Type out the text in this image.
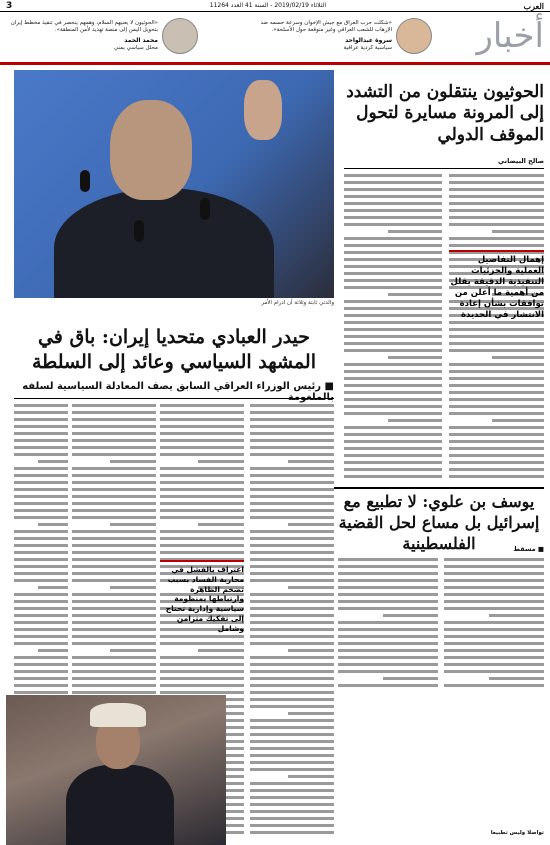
العرب
الثلاثاء 2019/02/19 - السنة 41 العدد 11264
3
أخبار
«الحوثيون لا يعنيهم السلام، وهمهم ينحصر في تنفيذ مخطط إيران بتحويل اليمن إلى منصة تهديد لأمن المنطقة».
محمد الحمد
محلل سياسي يمني
«شكلت حرب العراق مع جيش الإخوان وسرعة حسمه ضد الإرهاب للشعب العراقي وغير متوقعة حول الأسلحة».
سروة عبدالواحد
سياسية كردية عراقية
والدتي ثابتة وثلاثة أن ادرام الأمر
الحوثيون ينتقلون من التشدد إلى المرونة مسايرة لتحول الموقف الدولي
صالح البيضاني
إهمال التفاصيل العملية والجزئيات التنفيذية الدقيقة يقلل من أهمية ما أعلن من توافقات بشأن إعادة الانتشار في الحديدة
حيدر العبادي متحديا إيران: باق في المشهد السياسي وعائد إلى السلطة
■ رئيس الوزراء العراقي السابق يصف المعادلة السياسية لسلفه
اعتراف بالفشل في محاربة الفساد بسبب تضخم الظاهرة وارتباطها بمنظومة سياسية وإدارية تحتاج إلى تفكيك متزامن وشامل
يوسف بن علوي: لا تطبيع مع إسرائيل بل مساع لحل القضية الفلسطينية	■ مسقط
تواصلا وليس تطبيعا
